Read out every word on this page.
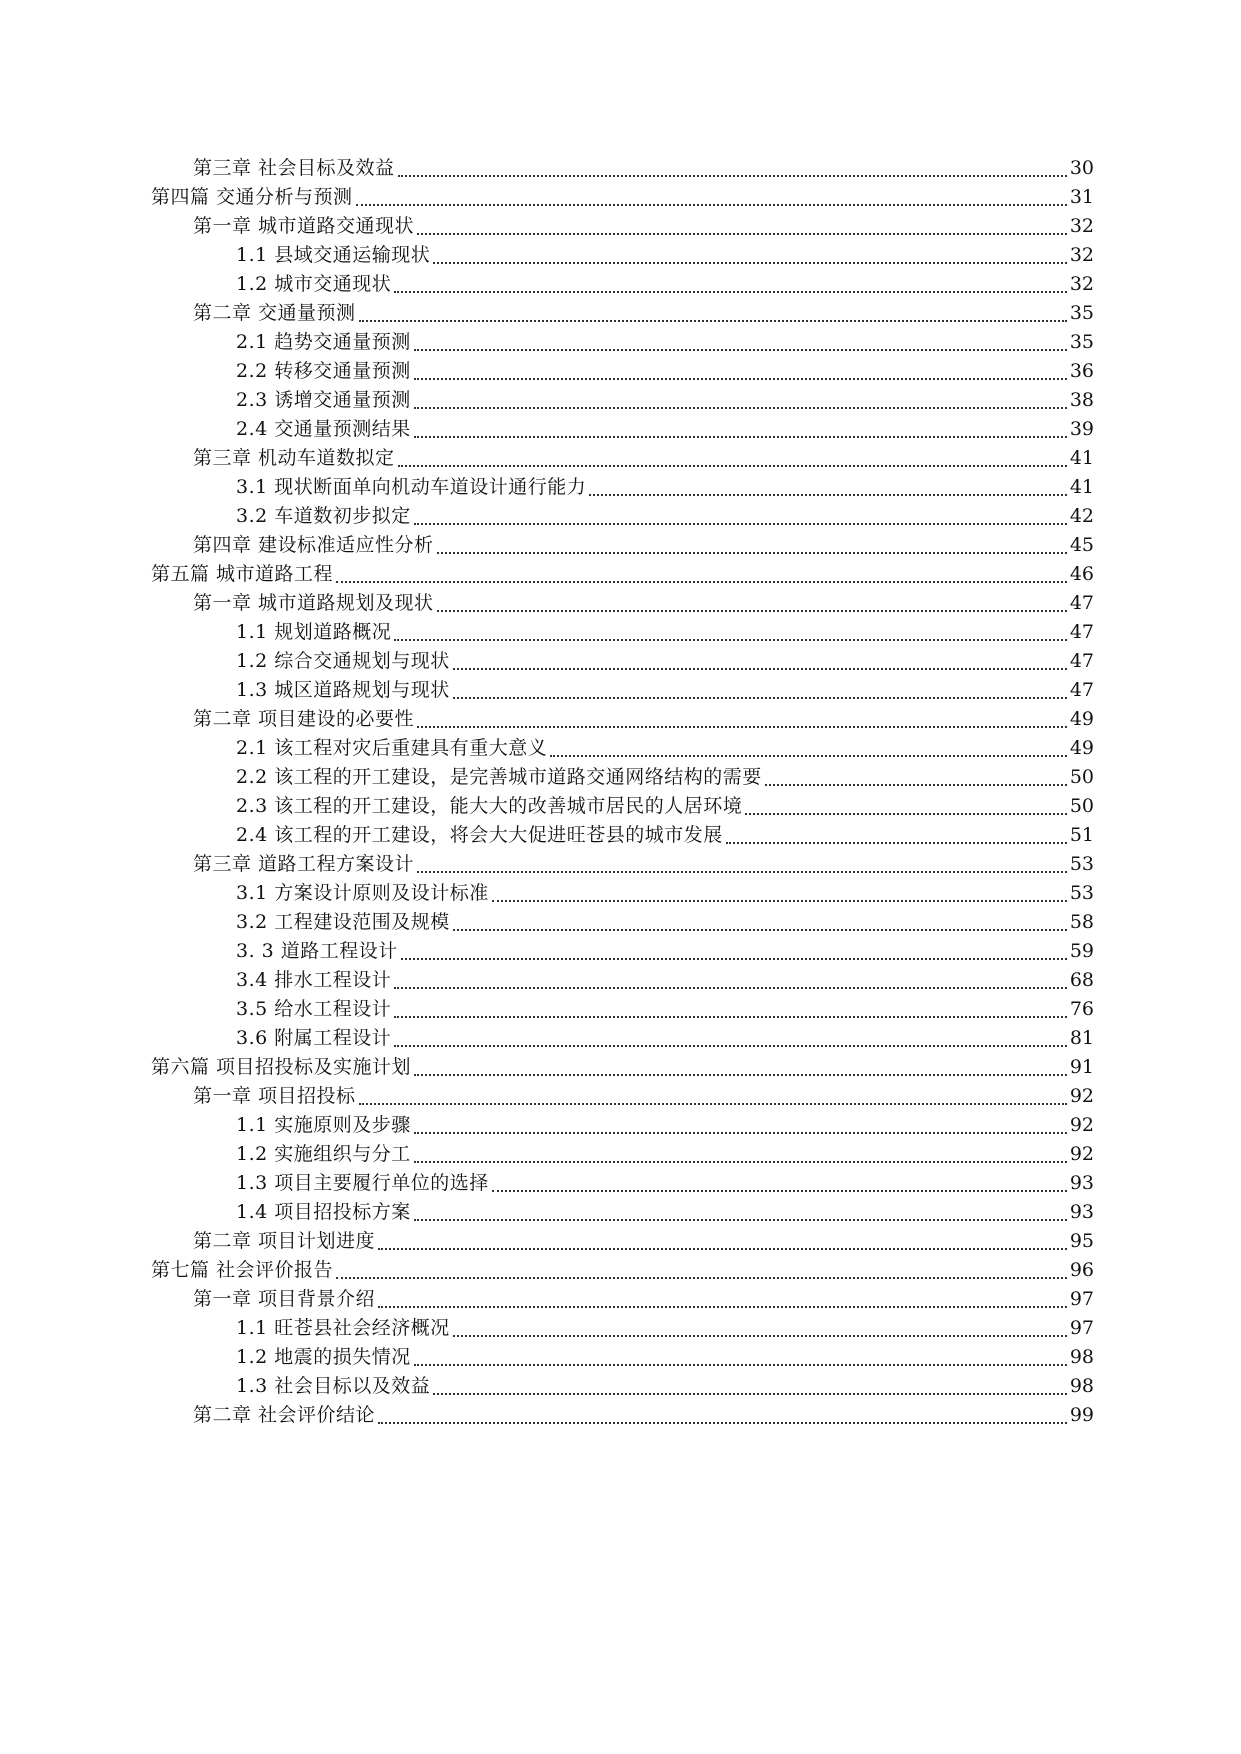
第三章 社会目标及效益	30
第四篇 交通分析与预测	31
第一章 城市道路交通现状	32
1.1 县域交通运输现状	32
1.2 城市交通现状	32
第二章 交通量预测	35
2.1 趋势交通量预测	35
2.2 转移交通量预测	36
2.3 诱增交通量预测	38
2.4 交通量预测结果	39
第三章 机动车道数拟定	41
3.1 现状断面单向机动车道设计通行能力	41
3.2 车道数初步拟定	42
第四章 建设标准适应性分析	45
第五篇 城市道路工程	46
第一章 城市道路规划及现状	47
1.1 规划道路概况	47
1.2 综合交通规划与现状	47
1.3 城区道路规划与现状	47
第二章 项目建设的必要性	49
2.1 该工程对灾后重建具有重大意义	49
2.2 该工程的开工建设，是完善城市道路交通网络结构的需要	50
2.3 该工程的开工建设，能大大的改善城市居民的人居环境	50
2.4 该工程的开工建设，将会大大促进旺苍县的城市发展	51
第三章 道路工程方案设计	53
3.1 方案设计原则及设计标准	53
3.2 工程建设范围及规模	58
3. 3 道路工程设计	59
3.4 排水工程设计	68
3.5 给水工程设计	76
3.6 附属工程设计	81
第六篇 项目招投标及实施计划	91
第一章 项目招投标	92
1.1 实施原则及步骤	92
1.2 实施组织与分工	92
1.3 项目主要履行单位的选择	93
1.4 项目招投标方案	93
第二章 项目计划进度	95
第七篇 社会评价报告	96
第一章 项目背景介绍	97
1.1 旺苍县社会经济概况	97
1.2 地震的损失情况	98
1.3 社会目标以及效益	98
第二章 社会评价结论	99
